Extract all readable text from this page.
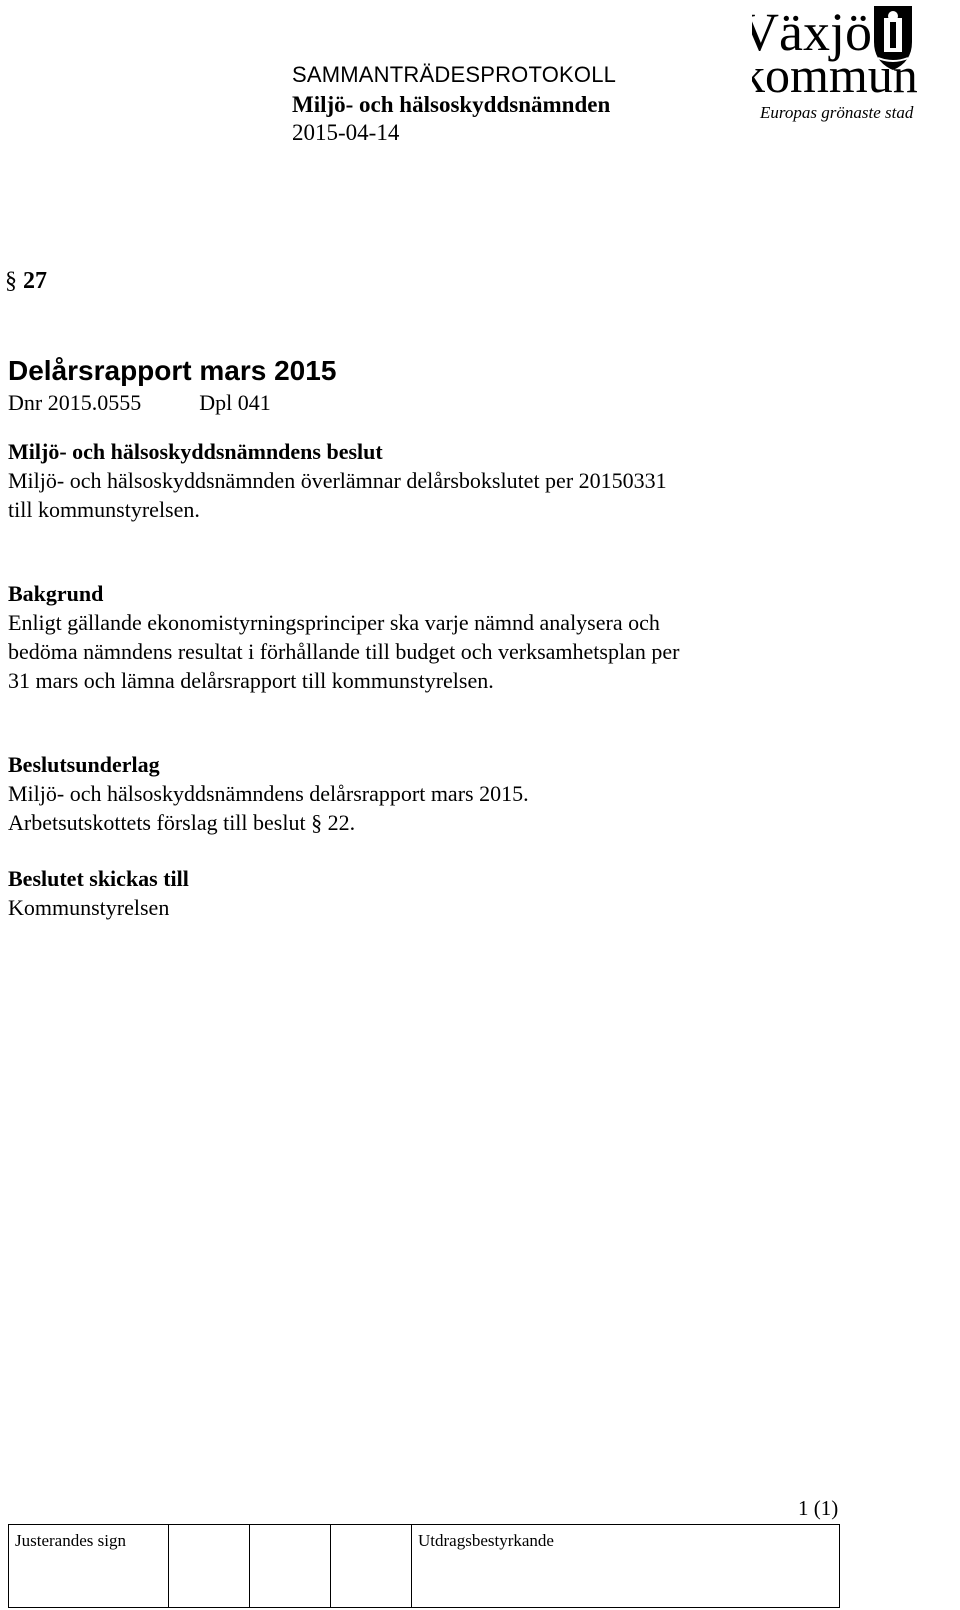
SAMMANTRÄDESPROTOKOLL
Miljö- och hälsoskyddsnämnden
2015-04-14
Växjö
kommun
Europas grönaste stad
§ 27
Delårsrapport mars 2015
Dnr 2015.0555	Dpl 041

Miljö- och hälsoskyddsnämndens beslut

Miljö- och hälsoskyddsnämnden överlämnar delårsbokslutet per 20150331

till kommunstyrelsen.

Bakgrund

Enligt gällande ekonomistyrningsprinciper ska varje nämnd analysera och

bedöma nämndens resultat i förhållande till budget och verksamhetsplan per

31 mars och lämna delårsrapport till kommunstyrelsen.

Beslutsunderlag

Miljö- och hälsoskyddsnämndens delårsrapport mars 2015.

Arbetsutskottets förslag till beslut § 22.

Beslutet skickas till

Kommunstyrelsen

1 (1)
Justerandes sign	Utdragsbestyrkande
